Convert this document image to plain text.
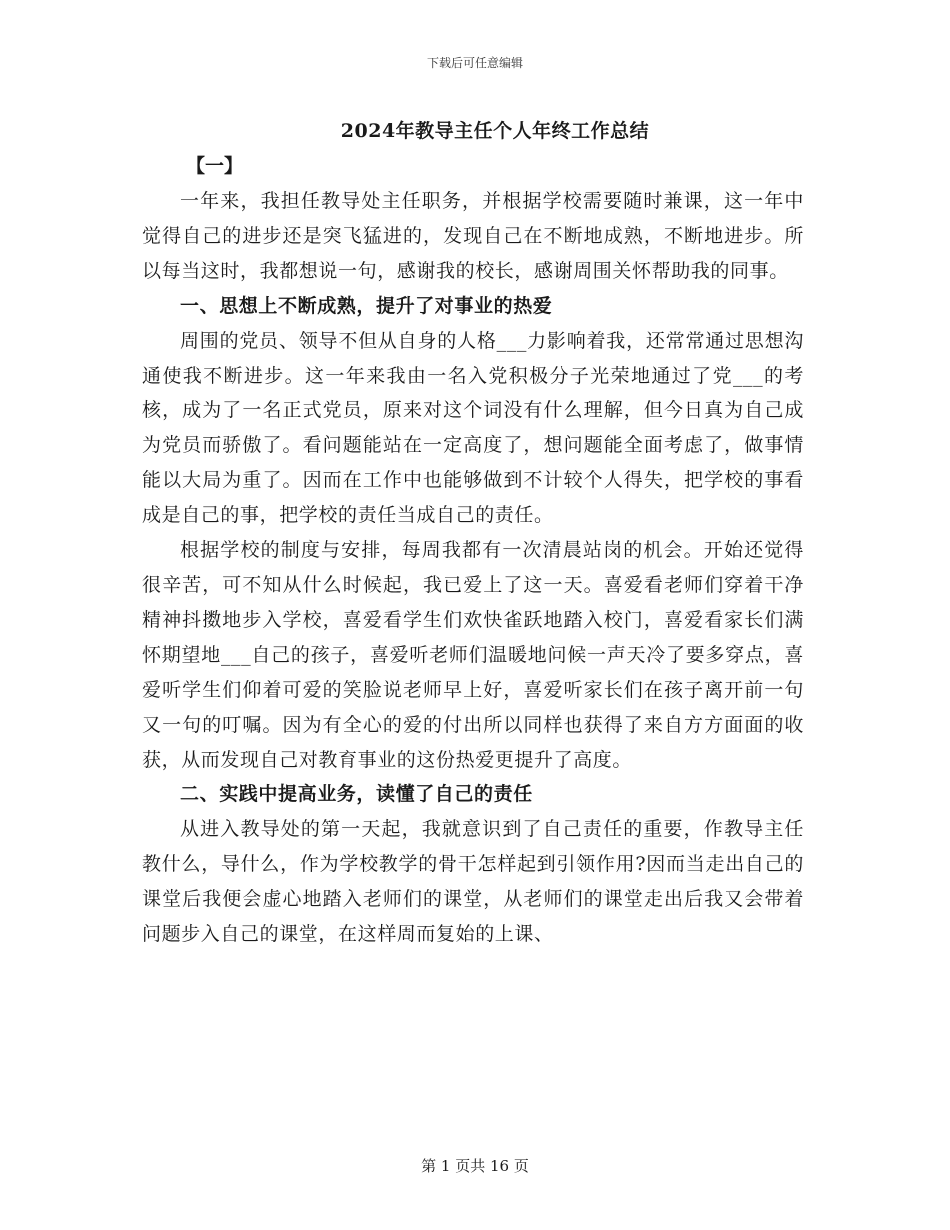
下载后可任意编辑
2024年教导主任个人年终工作总结
【一】

一年来，我担任教导处主任职务，并根据学校需要随时兼课，这一年中觉得自己的进步还是突飞猛进的，发现自己在不断地成熟，不断地进步。所以每当这时，我都想说一句，感谢我的校长，感谢周围关怀帮助我的同事。

一、思想上不断成熟，提升了对事业的热爱

周围的党员、领导不但从自身的人格___力影响着我，还常常通过思想沟通使我不断进步。这一年来我由一名入党积极分子光荣地通过了党___的考核，成为了一名正式党员，原来对这个词没有什么理解，但今日真为自己成为党员而骄傲了。看问题能站在一定高度了，想问题能全面考虑了，做事情能以大局为重了。因而在工作中也能够做到不计较个人得失，把学校的事看成是自己的事，把学校的责任当成自己的责任。

根据学校的制度与安排，每周我都有一次清晨站岗的机会。开始还觉得很辛苦，可不知从什么时候起，我已爱上了这一天。喜爱看老师们穿着干净精神抖擞地步入学校，喜爱看学生们欢快雀跃地踏入校门，喜爱看家长们满怀期望地___自己的孩子，喜爱听老师们温暖地问候一声天冷了要多穿点，喜爱听学生们仰着可爱的笑脸说老师早上好，喜爱听家长们在孩子离开前一句又一句的叮嘱。因为有全心的爱的付出所以同样也获得了来自方方面面的收获，从而发现自己对教育事业的这份热爱更提升了高度。

二、实践中提高业务，读懂了自己的责任

从进入教导处的第一天起，我就意识到了自己责任的重要，作教导主任教什么，导什么，作为学校教学的骨干怎样起到引领作用?因而当走出自己的课堂后我便会虚心地踏入老师们的课堂，从老师们的课堂走出后我又会带着问题步入自己的课堂，在这样周而复始的上课、

第 1 页共 16 页
